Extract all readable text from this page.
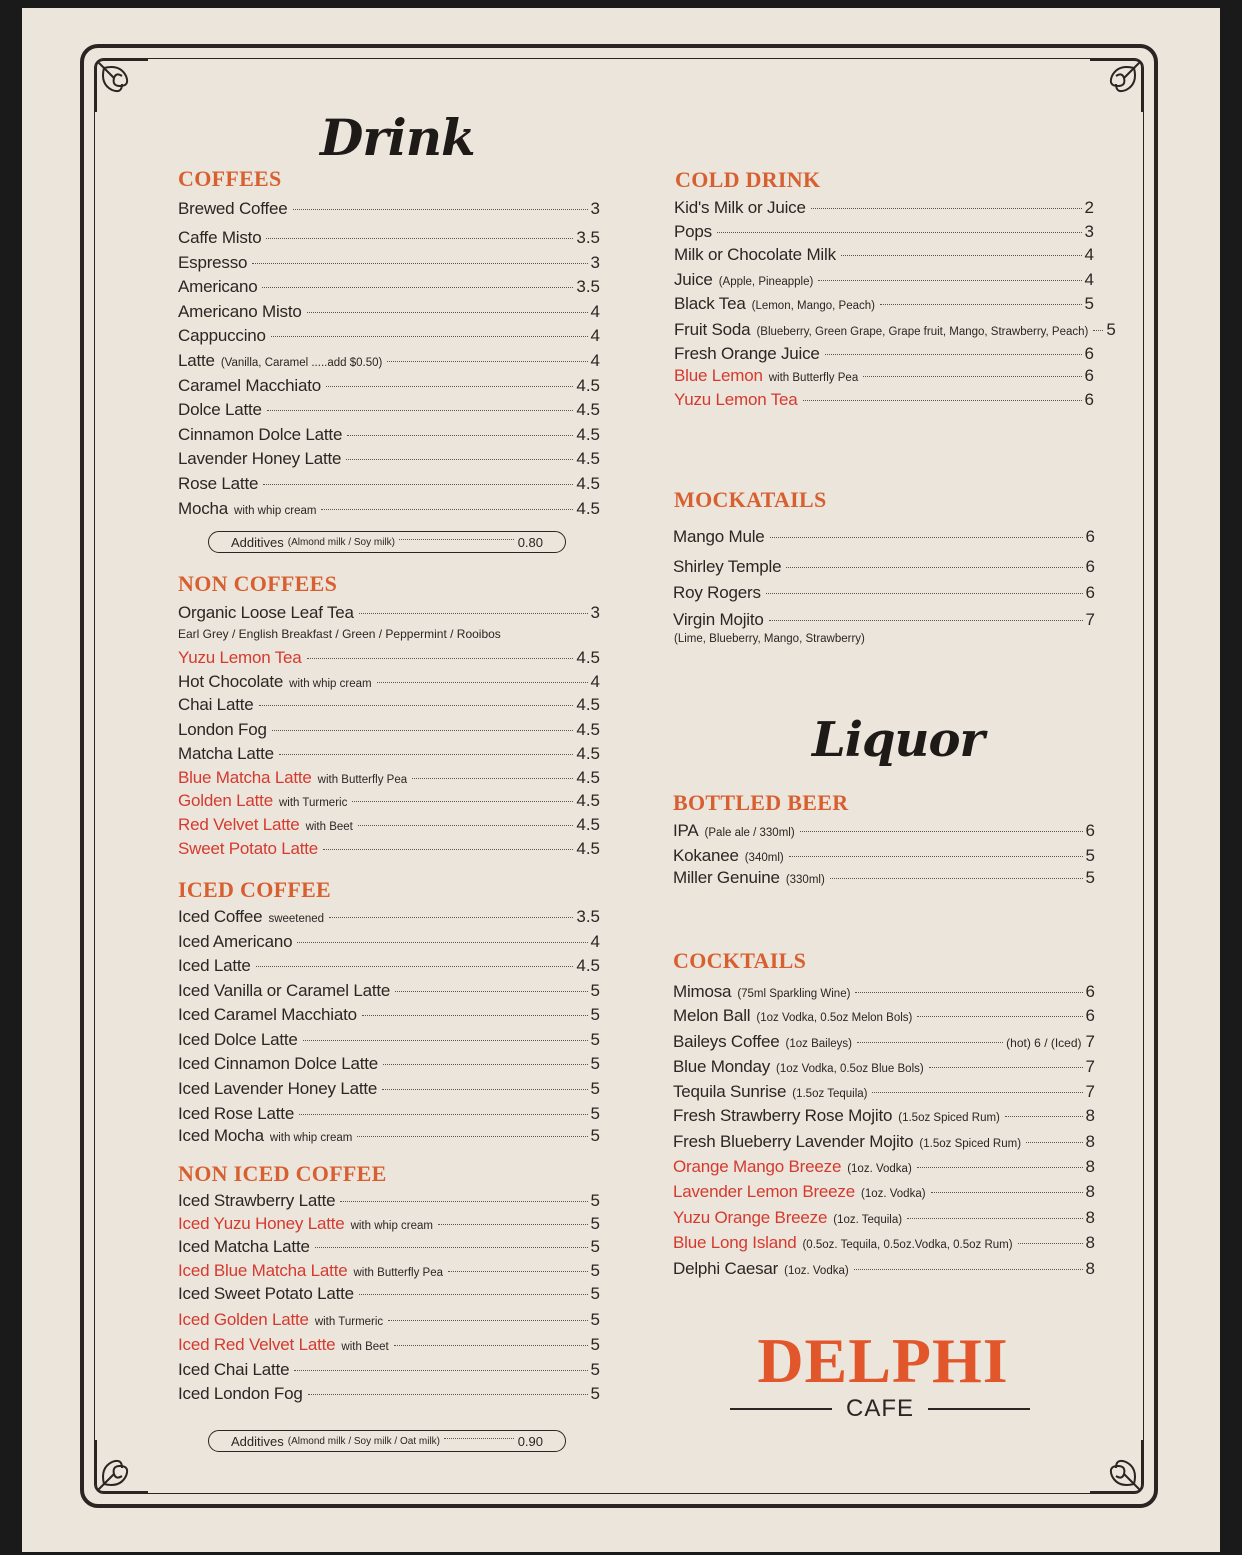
Drink
Liquor
COFFEES
Brewed Coffee	3
Caffe Misto	3.5
Espresso	3
Americano	3.5
Americano Misto	4
Cappuccino	4
Latte (Vanilla, Caramel .....add $0.50)	4
Caramel Macchiato	4.5
Dolce Latte	4.5
Cinnamon Dolce Latte	4.5
Lavender Honey Latte	4.5
Rose Latte	4.5
Mocha with whip cream	4.5
Additives (Almond milk / Soy milk)	0.80
NON COFFEES
Organic Loose Leaf Tea	3
Yuzu Lemon Tea	4.5
Hot Chocolate with whip cream	4
Chai Latte	4.5
London Fog	4.5
Matcha Latte	4.5
Blue Matcha Latte with Butterfly Pea	4.5
Golden Latte with Turmeric	4.5
Red Velvet Latte with Beet	4.5
Sweet Potato Latte	4.5
Earl Grey / English Breakfast / Green / Peppermint / Rooibos
ICED COFFEE
Iced Coffee sweetened	3.5
Iced Americano	4
Iced Latte	4.5
Iced Vanilla or Caramel Latte	5
Iced Caramel Macchiato	5
Iced Dolce Latte	5
Iced Cinnamon Dolce Latte	5
Iced Lavender Honey Latte	5
Iced Rose Latte	5
Iced Mocha with whip cream	5
NON ICED COFFEE
Iced Strawberry Latte	5
Iced Yuzu Honey Latte with whip cream	5
Iced Matcha Latte	5
Iced Blue Matcha Latte with Butterfly Pea	5
Iced Sweet Potato Latte	5
Iced Golden Latte with Turmeric	5
Iced Red Velvet Latte with Beet	5
Iced Chai Latte	5
Iced London Fog	5
Additives (Almond milk / Soy milk / Oat milk)	0.90
COLD DRINK
Kid's Milk or Juice	2
Pops	3
Milk or Chocolate Milk	4
Juice (Apple, Pineapple)	4
Black Tea (Lemon, Mango, Peach)	5
Fruit Soda (Blueberry, Green Grape, Grape fruit, Mango, Strawberry, Peach) 5
Fresh Orange Juice	6
Blue Lemon with Butterfly Pea	6
Yuzu Lemon Tea	6
MOCKATAILS
Mango Mule	6
Shirley Temple	6
Roy Rogers	6
Virgin Mojito	7
(Lime, Blueberry, Mango, Strawberry)
BOTTLED BEER
IPA (Pale ale / 330ml)	6
Kokanee (340ml)	5
Miller Genuine (330ml)	5
COCKTAILS
Mimosa (75ml Sparkling Wine)	6
Melon Ball (1oz Vodka, 0.5oz Melon Bols)	6
Baileys Coffee (1oz Baileys)	(hot) 6 / (Iced) 7
Blue Monday (1oz Vodka, 0.5oz Blue Bols)	7
Tequila Sunrise (1.5oz Tequila)	7
Fresh Strawberry Rose Mojito (1.5oz Spiced Rum)	8
Fresh Blueberry Lavender Mojito (1.5oz Spiced Rum)	8
Orange Mango Breeze (1oz. Vodka)	8
Lavender Lemon Breeze (1oz. Vodka)	8
Yuzu Orange Breeze (1oz. Tequila)	8
Blue Long Island (0.5oz. Tequila, 0.5oz.Vodka, 0.5oz Rum)	8
Delphi Caesar (1oz. Vodka)	8
DELPHI
CAFE
